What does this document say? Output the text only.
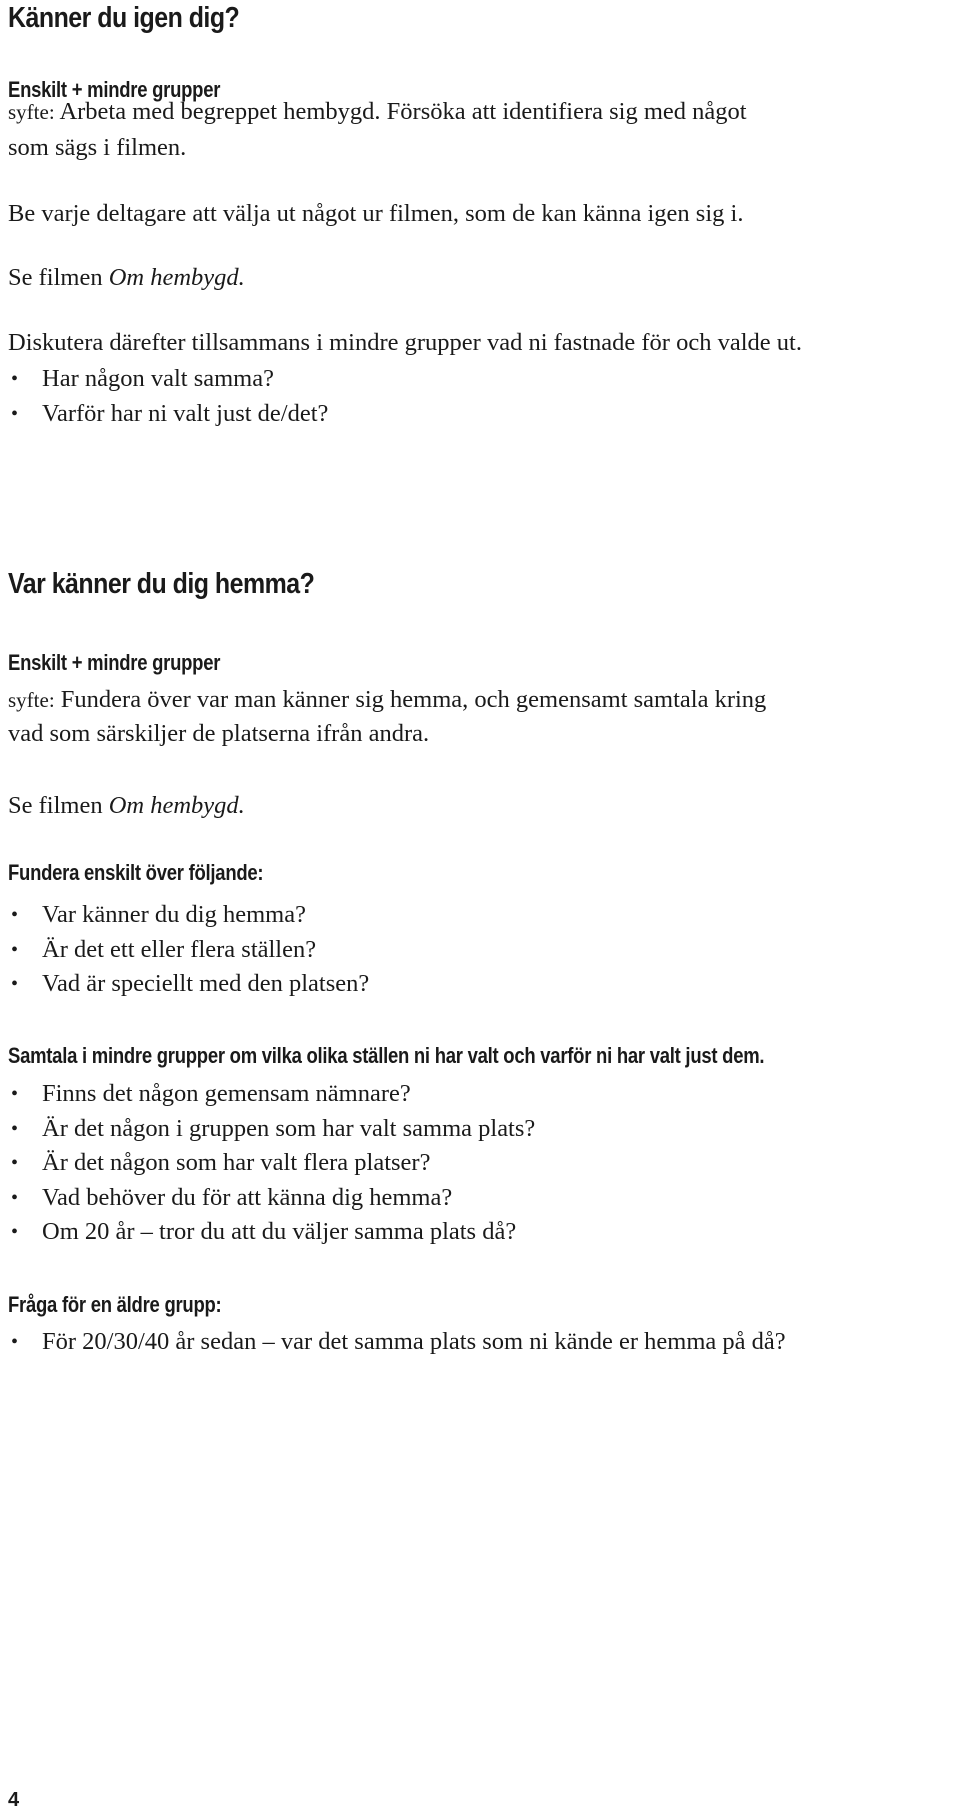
Känner du igen dig?
Enskilt + mindre grupper

syfte: Arbeta med begreppet hembygd. Försöka att identifiera sig med något

som sägs i filmen.

Be varje deltagare att välja ut något ur filmen, som de kan känna igen sig i.

Se filmen Om hembygd.

Diskutera därefter tillsammans i mindre grupper vad ni fastnade för och valde ut.

• Har någon valt samma?
• Varför har ni valt just de/det?
Var känner du dig hemma?
Enskilt + mindre grupper

syfte: Fundera över var man känner sig hemma, och gemensamt samtala kring

vad som särskiljer de platserna ifrån andra.

Se filmen Om hembygd.

Fundera enskilt över följande:
• Var känner du dig hemma?
• Är det ett eller flera ställen?
• Vad är speciellt med den platsen?
Samtala i mindre grupper om vilka olika ställen ni har valt och varför ni har valt just dem.
• Finns det någon gemensam nämnare?
• Är det någon i gruppen som har valt samma plats?
• Är det någon som har valt flera platser?
• Vad behöver du för att känna dig hemma?
• Om 20 år – tror du att du väljer samma plats då?
Fråga för en äldre grupp:
• För 20/30/40 år sedan – var det samma plats som ni kände er hemma på då?
4
